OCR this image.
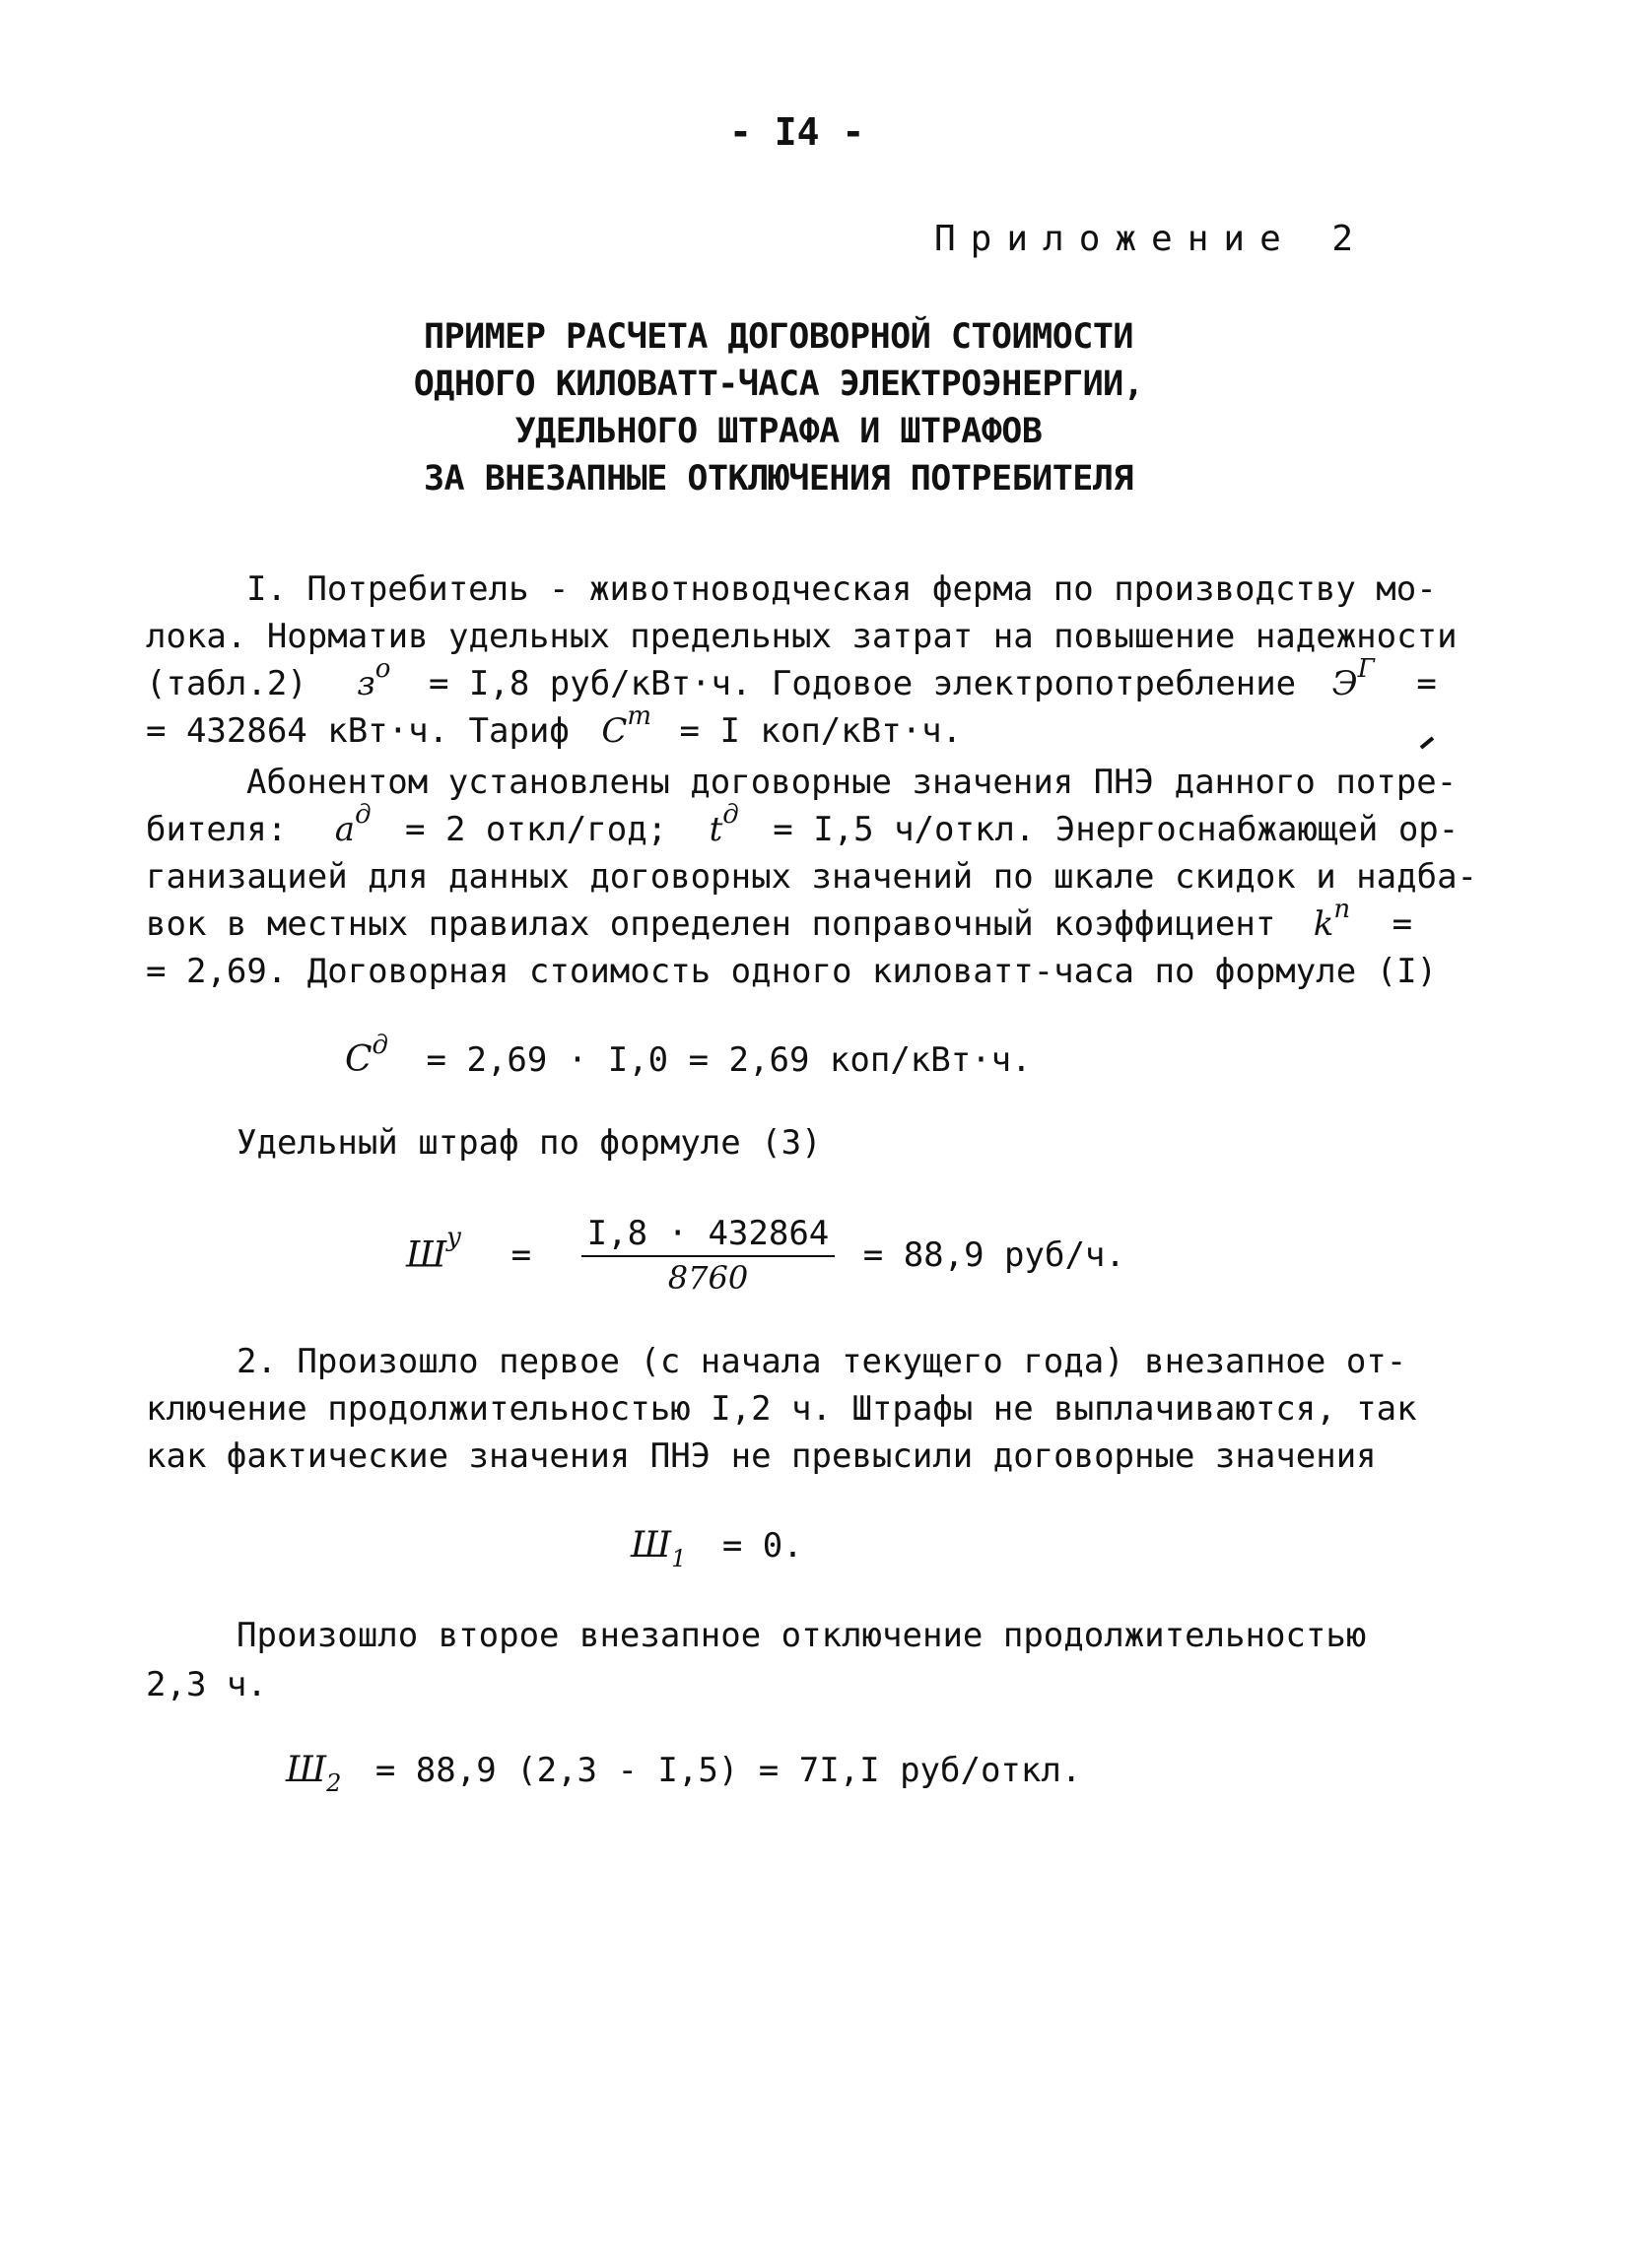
- I4 -
Приложение 2
ПРИМЕР РАСЧЕТА ДОГОВОРНОЙ СТОИМОСТИ
ОДНОГО КИЛОВАТТ-ЧАСА ЭЛЕКТРОЭНЕРГИИ,
УДЕЛЬНОГО ШТРАФА И ШТРАФОВ
ЗА ВНЕЗАПНЫЕ ОТКЛЮЧЕНИЯ ПОТРЕБИТЕЛЯ
I. Потребитель - животноводческая ферма по производству мо-
лока. Норматив удельных предельных затрат на повышение надежности
(табл.2) $з^о = I,8$ руб/кВт·ч. Годовое электропотребление $Э^Г$ =
= 432864 кВт·ч. Тариф $C^т = I$ коп/кВт·ч.
Абонентом установлены договорные значения ПНЭ данного потре-
бителя: $a^д = 2$ откл/год; $t^д = I,5$ ч/откл. Энергоснабжающей ор-
ганизацией для данных договорных значений по шкале скидок и надба-
вок в местных правилах определен поправочный коэффициент $k^п$ =
= 2,69. Договорная стоимость одного киловатт-часа по формуле (I)
$C^д = 2,69 \cdot I,0 = 2,69$ коп/кВт·ч.
Удельный штраф по формуле (3)
$Ш^у = \frac{I,8 \cdot 432864}{8760} = 88,9$ руб/ч.
2. Произошло первое (с начала текущего года) внезапное от-
ключение продолжительностью I,2 ч. Штрафы не выплачиваются, так
как фактические значения ПНЭ не превысили договорные значения
$Ш_1 = 0$.
Произошло второе внезапное отключение продолжительностью
2,3 ч.
$Ш_2 = 88,9$ (2,3 - I,5) = 7I,I руб/откл.
